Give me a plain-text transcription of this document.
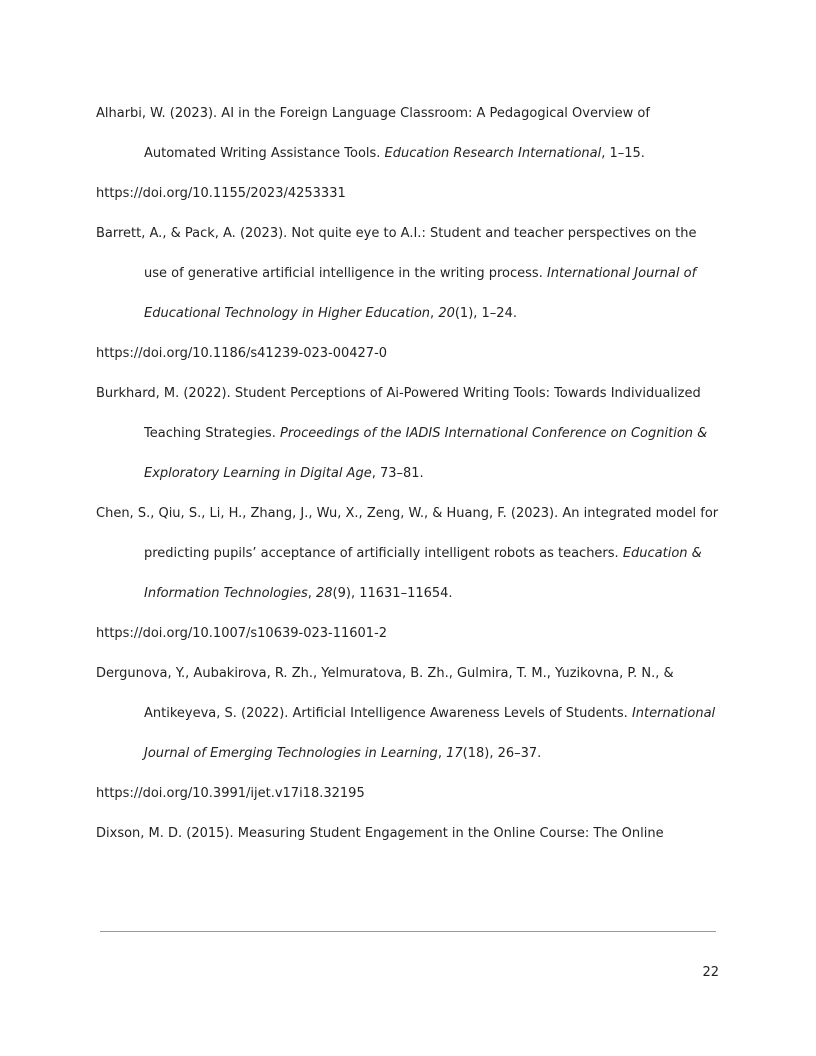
Alharbi, W. (2023). AI in the Foreign Language Classroom: A Pedagogical Overview of Automated Writing Assistance Tools. Education Research International, 1–15.
https://doi.org/10.1155/2023/4253331

Barrett, A., & Pack, A. (2023). Not quite eye to A.I.: Student and teacher perspectives on the use of generative artificial intelligence in the writing process. International Journal of Educational Technology in Higher Education, 20(1), 1–24.
https://doi.org/10.1186/s41239-023-00427-0

Burkhard, M. (2022). Student Perceptions of Ai-Powered Writing Tools: Towards Individualized Teaching Strategies. Proceedings of the IADIS International Conference on Cognition & Exploratory Learning in Digital Age, 73–81.

Chen, S., Qiu, S., Li, H., Zhang, J., Wu, X., Zeng, W., & Huang, F. (2023). An integrated model for predicting pupils’ acceptance of artificially intelligent robots as teachers. Education & Information Technologies, 28(9), 11631–11654.
https://doi.org/10.1007/s10639-023-11601-2

Dergunova, Y., Aubakirova, R. Zh., Yelmuratova, B. Zh., Gulmira, T. M., Yuzikovna, P. N., & Antikeyeva, S. (2022). Artificial Intelligence Awareness Levels of Students. International Journal of Emerging Technologies in Learning, 17(18), 26–37.
https://doi.org/10.3991/ijet.v17i18.32195

Dixson, M. D. (2015). Measuring Student Engagement in the Online Course: The Online

22
